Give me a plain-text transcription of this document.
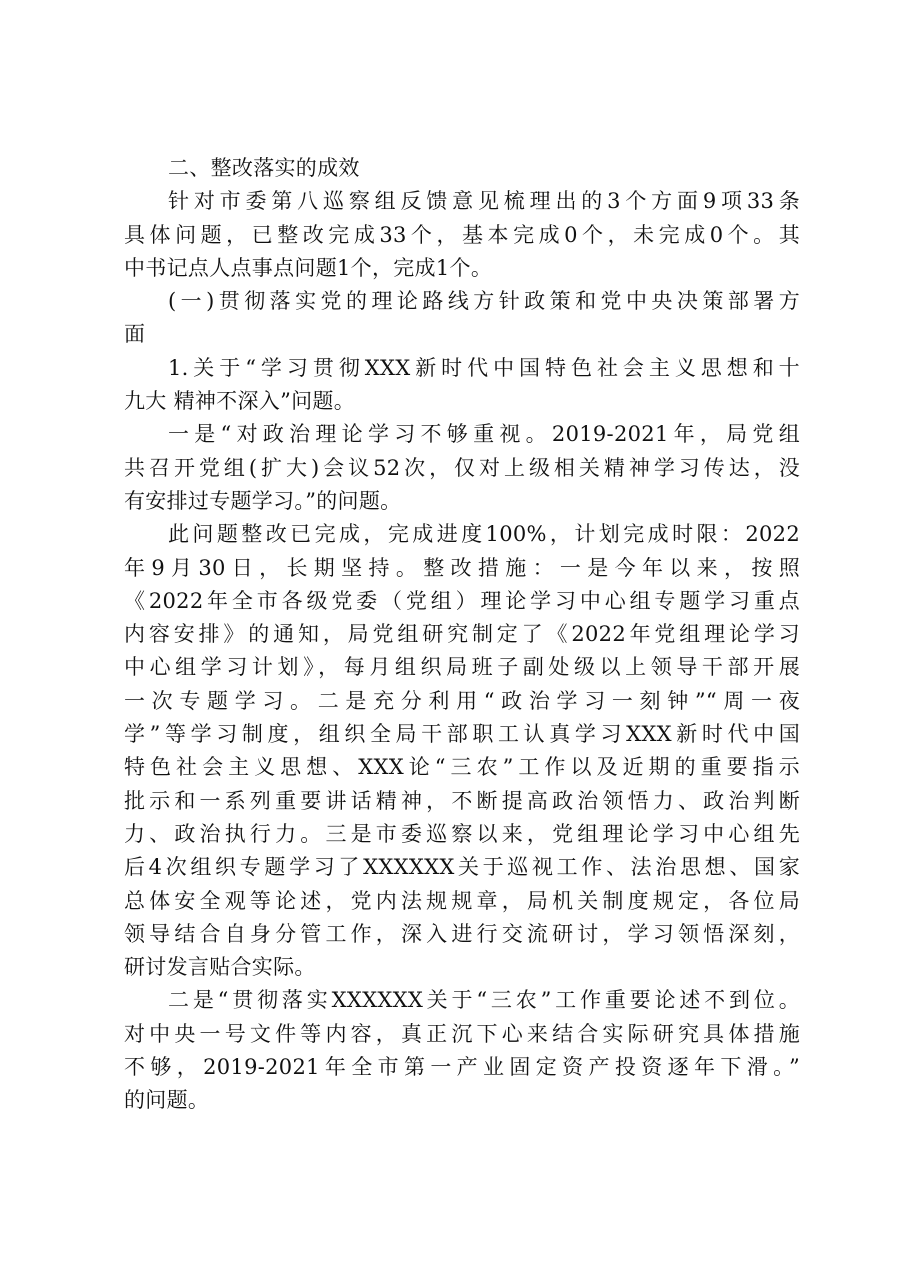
二、整改落实的成效
针对市委第八巡察组反馈意见梳理出的3个方面9项33条
具体问题，已整改完成33个，基本完成0个，未完成0个。其
中书记点人点事点问题1个，完成1个。
(一)贯彻落实党的理论路线方针政策和党中央决策部署方
面
1.关于“学习贯彻XXX新时代中国特色社会主义思想和十
九大 精神不深入”问题。
一是“对政治理论学习不够重视。2019-2021年，局党组
共召开党组(扩大)会议52次，仅对上级相关精神学习传达，没
有安排过专题学习。”的问题。
此问题整改已完成，完成进度100%，计划完成时限：2022
年9月30日，长期坚持。整改措施：一是今年以来，按照
《2022年全市各级党委（党组）理论学习中心组专题学习重点
内容安排》的通知，局党组研究制定了《2022年党组理论学习
中心组学习计划》，每月组织局班子副处级以上领导干部开展
一次专题学习。二是充分利用“政治学习一刻钟”“周一夜
学”等学习制度，组织全局干部职工认真学习XXX新时代中国
特色社会主义思想、XXX论“三农”工作以及近期的重要指示
批示和一系列重要讲话精神，不断提高政治领悟力、政治判断
力、政治执行力。三是市委巡察以来，党组理论学习中心组先
后4次组织专题学习了XXXXXX关于巡视工作、法治思想、国家
总体安全观等论述，党内法规规章，局机关制度规定，各位局
领导结合自身分管工作，深入进行交流研讨，学习领悟深刻，
研讨发言贴合实际。
二是“贯彻落实XXXXXX关于“三农”工作重要论述不到位。
对中央一号文件等内容，真正沉下心来结合实际研究具体措施
不够，2019-2021年全市第一产业固定资产投资逐年下滑。”
的问题。
